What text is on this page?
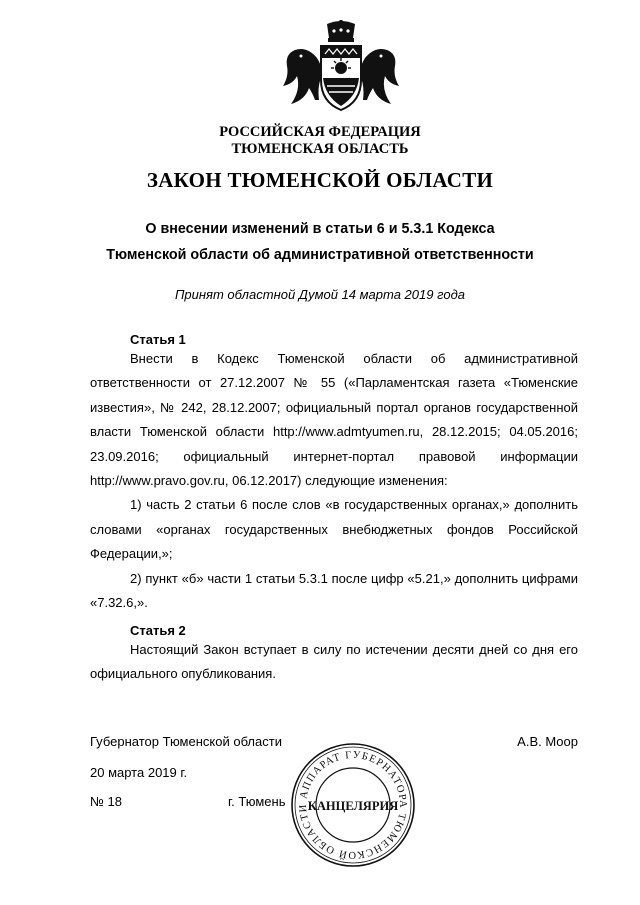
РОССИЙСКАЯ ФЕДЕРАЦИЯ
ТЮМЕНСКАЯ ОБЛАСТЬ
ЗАКОН ТЮМЕНСКОЙ ОБЛАСТИ
О внесении изменений в статьи 6 и 5.3.1 Кодекса
Тюменской области об административной ответственности
Принят областной Думой 14 марта 2019 года
Статья 1

Внести в Кодекс Тюменской области об административной ответственности от 27.12.2007 № 55 («Парламентская газета «Тюменские известия», № 242, 28.12.2007; официальный портал органов государственной власти Тюменской области http://www.admtyumen.ru, 28.12.2015; 04.05.2016; 23.09.2016; официальный интернет-портал правовой информации http://www.pravo.gov.ru, 06.12.2017) следующие изменения:

1) часть 2 статьи 6 после слов «в государственных органах,» дополнить словами «органах государственных внебюджетных фондов Российской Федерации,»;

2) пункт «б» части 1 статьи 5.3.1 после цифр «5.21,» дополнить цифрами «7.32.6,».

Статья 2

Настоящий Закон вступает в силу по истечении десяти дней со дня его официального опубликования.

Губернатор Тюменской области	А.В. Моор
20 марта 2019 г.
№ 18	г. Тюмень АППАРАТ ГУБЕРНАТОРА ТЮМЕНСКОЙ ОБЛАСТИ
КАНЦЕЛЯРИЯ
